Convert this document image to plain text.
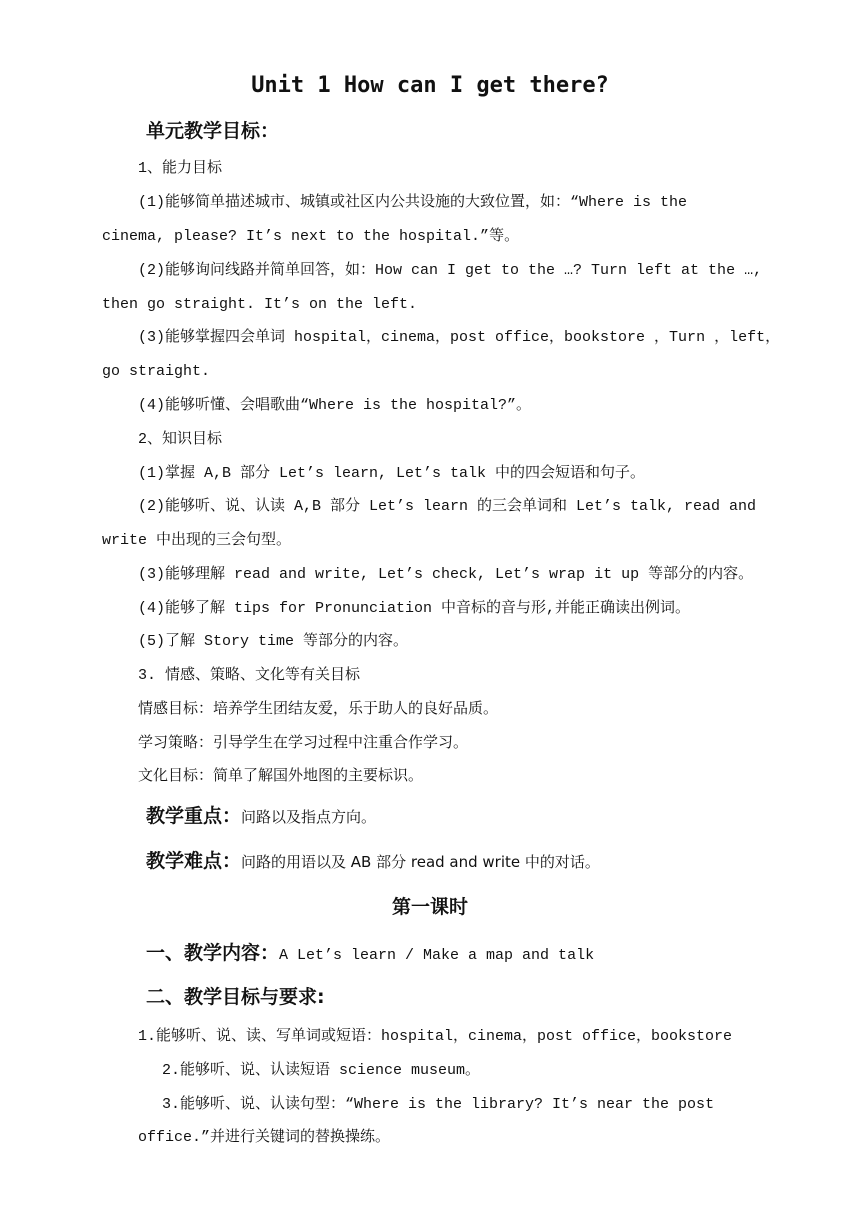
Unit 1 How can I get there?
单元教学目标：
1、能力目标
(1)能够简单描述城市、城镇或社区内公共设施的大致位置，如：“Where is the
cinema, please? It’s next to the hospital.”等。
(2)能够询问线路并简单回答，如：How can I get to the …? Turn left at the …,
then go straight. It’s on the left.
(3)能够掌握四会单词 hospital，cinema，post office，bookstore ，Turn ，left，
go straight.
(4)能够听懂、会唱歌曲“Where is the hospital?”。
2、知识目标
(1)掌握 A,B 部分 Let’s learn, Let’s talk 中的四会短语和句子。
(2)能够听、说、认读 A,B 部分 Let’s learn 的三会单词和 Let’s talk, read and
write 中出现的三会句型。
(3)能够理解 read and write, Let’s check, Let’s wrap it up 等部分的内容。
(4)能够了解 tips for Pronunciation 中音标的音与形,并能正确读出例词。
(5)了解 Story time 等部分的内容。
3. 情感、策略、文化等有关目标
情感目标：培养学生团结友爱，乐于助人的良好品质。
学习策略：引导学生在学习过程中注重合作学习。
文化目标：简单了解国外地图的主要标识。
教学重点：问路以及指点方向。
教学难点：问路的用语以及 AB 部分 read and write 中的对话。
第一课时
一、教学内容：A Let’s learn / Make a map and talk
二、教学目标与要求:
1.能够听、说、读、写单词或短语：hospital，cinema，post office，bookstore
2.能够听、说、认读短语 science museum。
3.能够听、说、认读句型：“Where is the library? It’s near the post
office.”并进行关键词的替换操练。
